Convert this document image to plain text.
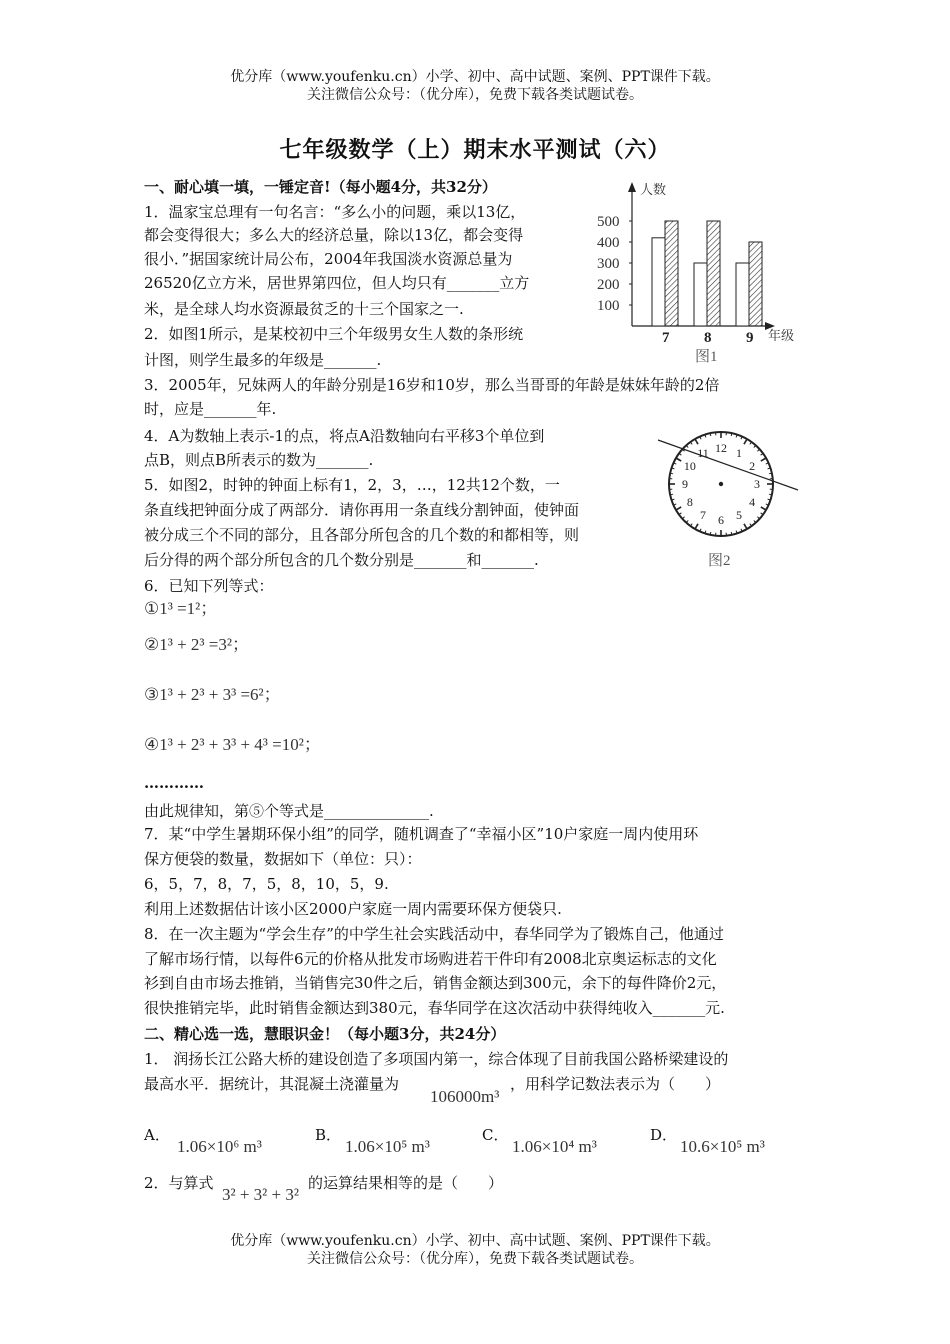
优分库（www.youfenku.cn）小学、初中、高中试题、案例、PPT课件下载。
关注微信公众号：（优分库），免费下载各类试题试卷。
七年级数学（上）期末水平测试（六）
一、耐心填一填，一锤定音!（每小题4分，共32分）
1．温家宝总理有一句名言：“多么小的问题，乘以13亿，
都会变得很大；多么大的经济总量，除以13亿，都会变得
很小．”据国家统计局公布，2004年我国淡水资源总量为
26520亿立方米，居世界第四位，但人均只有_______立方
米，是全球人均水资源最贫乏的十三个国家之一.
2．如图1所示，是某校初中三个年级男女生人数的条形统
计图，则学生最多的年级是_______.
3．2005年，兄妹两人的年龄分别是16岁和10岁，那么当哥哥的年龄是妹妹年龄的2倍
时，应是_______年.
4．A为数轴上表示-1的点，将点A沿数轴向右平移3个单位到
点B，则点B所表示的数为_______.
5．如图2，时钟的钟面上标有1，2，3，…，12共12个数，一
条直线把钟面分成了两部分．请你再用一条直线分割钟面，使钟面
被分成三个不同的部分，且各部分所包含的几个数的和都相等，则
后分得的两个部分所包含的几个数分别是_______和_______.
6．已知下列等式：
①1³ =1²；
②1³ + 2³ =3²；
③1³ + 2³ + 3³ =6²；
④1³ + 2³ + 3³ + 4³ =10²；
…………
由此规律知，第⑤个等式是______________.
7．某“中学生暑期环保小组”的同学，随机调查了“幸福小区”10户家庭一周内使用环
保方便袋的数量，数据如下（单位：只）：
6，5，7，8，7，5，8，10，5，9.
利用上述数据估计该小区2000户家庭一周内需要环保方便袋只.
8．在一次主题为“学会生存”的中学生社会实践活动中，春华同学为了锻炼自己，他通过
了解市场行情，以每件6元的价格从批发市场购进若干件印有2008北京奥运标志的文化
衫到自由市场去推销，当销售完30件之后，销售金额达到300元，余下的每件降价2元，
很快推销完毕，此时销售金额达到380元，春华同学在这次活动中获得纯收入_______元.
二、精心选一选，慧眼识金！（每小题3分，共24分）
1． 润扬长江公路大桥的建设创造了多项国内第一，综合体现了目前我国公路桥梁建设的
最高水平．据统计，其混凝土浇灌量为
106000m³
，用科学记数法表示为（　　）
A．
1.06×10⁶ m³
B．
1.06×10⁵ m³
C．
1.06×10⁴ m³
D．
10.6×10⁵ m³
2．与算式
3² + 3² + 3²
的运算结果相等的是（　　）
优分库（www.youfenku.cn）小学、初中、高中试题、案例、PPT课件下载。
关注微信公众号：（优分库），免费下载各类试题试卷。
人数
年级
图1
100
200
300
400
500
7 8 9
12 1
2
3
4
5
6
7
8
9
10
11
图2
